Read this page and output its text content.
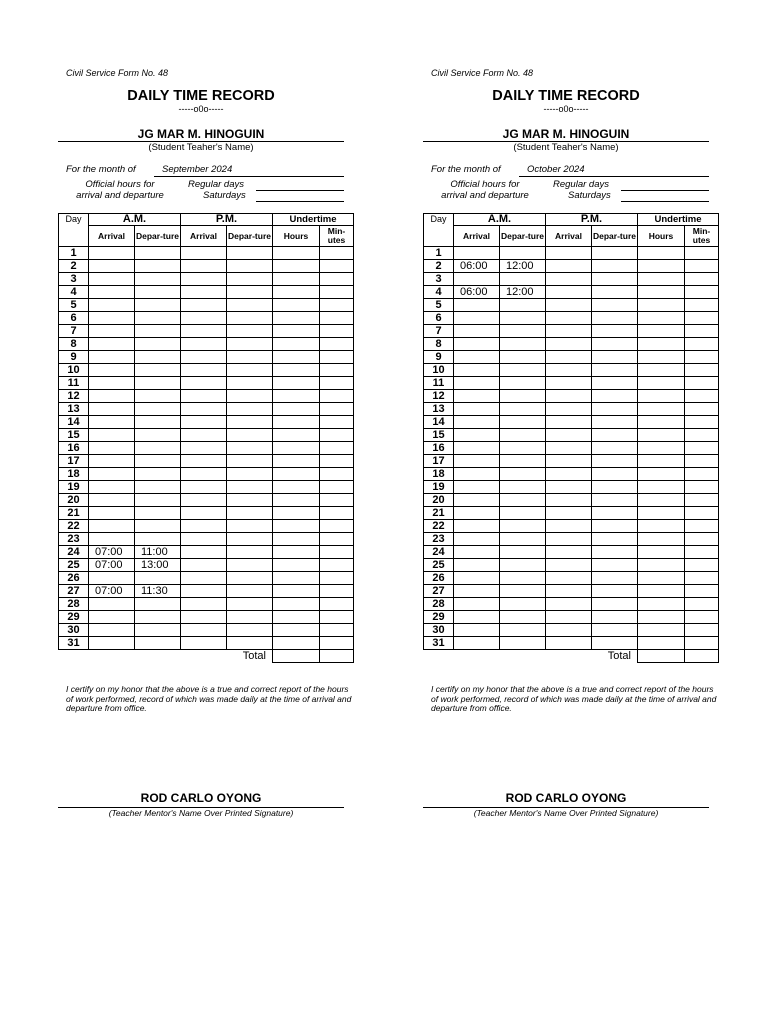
Civil Service Form No. 48
DAILY TIME RECORD
-----o0o-----
JG MAR M. HINOGUIN
(Student Teaher's Name)
For the month of	September 2024
Official hours for
arrival and departure
Regular days
Saturdays
Day	A.M.		P.M.		Undertime	
	Arrival	Depar-ture	Arrival	Depar-ture	Hours	Min-utes
1						
2						
3						
4						
5						
6						
7						
8						
9						
10						
11						
12						
13						
14						
15						
16						
17						
18						
19						
20						
21						
22						
23						
24	07:00	11:00				
25	07:00	13:00				
26						
27	07:00	11:30				
28						
29						
30						
31						
Total						
I certify on my honor that the above is a true and correct report of the hours of work performed, record of which was made daily at the time of arrival and departure from office.
ROD CARLO OYONG
(Teacher Mentor's Name Over Printed Signature)
Civil Service Form No. 48
DAILY TIME RECORD
-----o0o-----
JG MAR M. HINOGUIN
(Student Teaher's Name)
For the month of	October 2024
Official hours for
arrival and departure
Regular days
Saturdays
Day	A.M.		P.M.		Undertime	
	Arrival	Depar-ture	Arrival	Depar-ture	Hours	Min-utes
1						
2	06:00	12:00				
3						
4	06:00	12:00				
5						
6						
7						
8						
9						
10						
11						
12						
13						
14						
15						
16						
17						
18						
19						
20						
21						
22						
23						
24						
25						
26						
27						
28						
29						
30						
31						
Total						
I certify on my honor that the above is a true and correct report of the hours of work performed, record of which was made daily at the time of arrival and departure from office.
ROD CARLO OYONG
(Teacher Mentor's Name Over Printed Signature)
